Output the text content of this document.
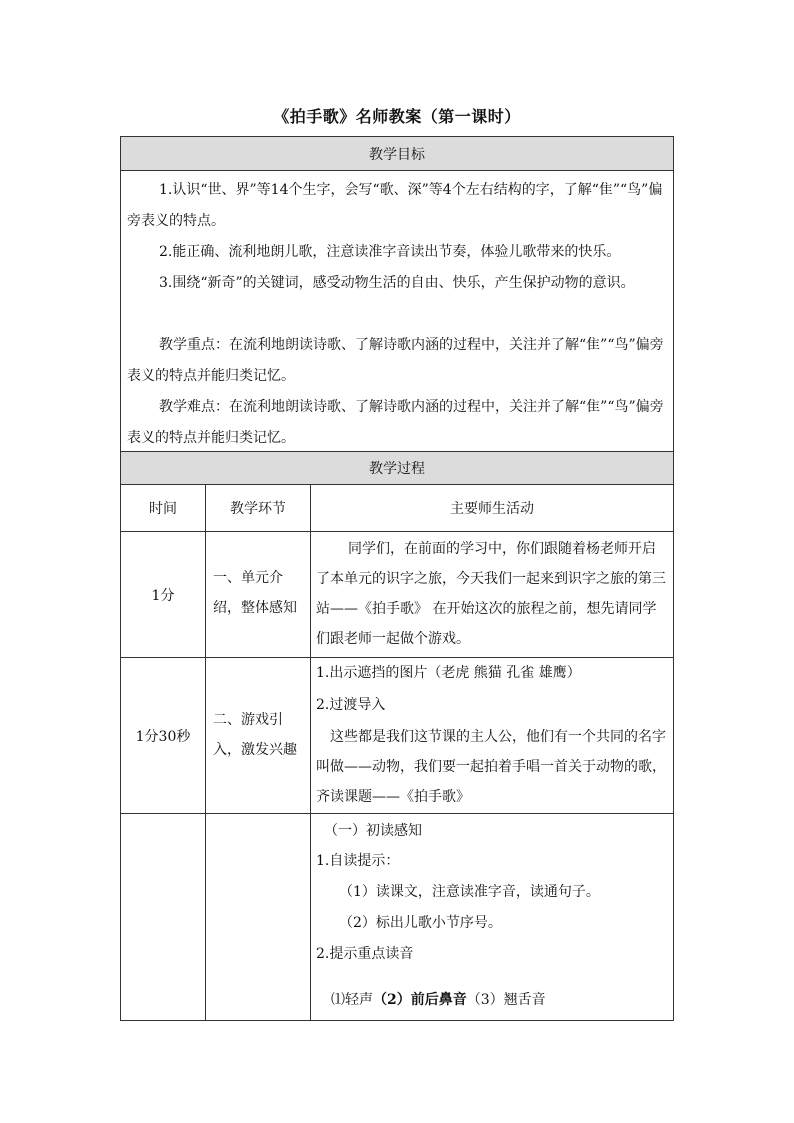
《拍手歌》名师教案（第一课时）
教学目标
1.认识“世、界”等14个生字，会写“歌、深”等4个左右结构的字，了解“隹”“鸟”偏旁表义的特点。
2.能正确、流利地朗儿歌，注意读准字音读出节奏，体验儿歌带来的快乐。
3.围绕“新奇”的关键词，感受动物生活的自由、快乐，产生保护动物的意识。
教学重点：在流利地朗读诗歌、了解诗歌内涵的过程中，关注并了解“隹”“鸟”偏旁表义的特点并能归类记忆。
教学难点：在流利地朗读诗歌、了解诗歌内涵的过程中，关注并了解“隹”“鸟”偏旁表义的特点并能归类记忆。
教学过程
时间	教学环节	主要师生活动
1分
一、单元介绍，整体感知
同学们，在前面的学习中，你们跟随着杨老师开启了本单元的识字之旅，今天我们一起来到识字之旅的第三站——《拍手歌》 在开始这次的旅程之前，想先请同学们跟老师一起做个游戏。
1分30秒
二、游戏引入，激发兴趣
1.出示遮挡的图片（老虎 熊猫 孔雀 雄鹰）
2.过渡导入
这些都是我们这节课的主人公，他们有一个共同的名字叫做——动物，我们要一起拍着手唱一首关于动物的歌，齐读课题——《拍手歌》
（一）初读感知
1.自读提示：
（1）读课文，注意读准字音，读通句子。
（2）标出儿歌小节序号。
2.提示重点读音
⑴轻声（2）前后鼻音（3）翘舌音
